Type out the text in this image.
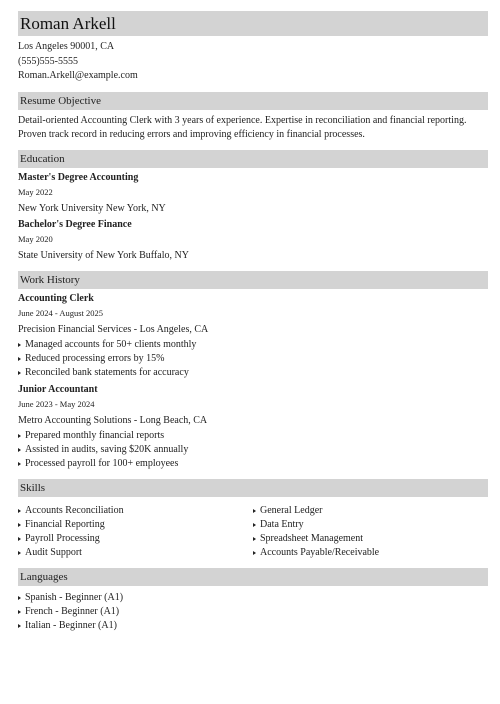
Roman Arkell
Los Angeles 90001, CA
(555)555-5555
Roman.Arkell@example.com
Resume Objective
Detail-oriented Accounting Clerk with 3 years of experience. Expertise in reconciliation and financial reporting. Proven track record in reducing errors and improving efficiency in financial processes.
Education
Master's Degree Accounting
May 2022
New York University New York, NY
Bachelor's Degree Finance
May 2020
State University of New York Buffalo, NY
Work History
Accounting Clerk
June 2024 - August 2025
Precision Financial Services - Los Angeles, CA
Managed accounts for 50+ clients monthly
Reduced processing errors by 15%
Reconciled bank statements for accuracy
Junior Accountant
June 2023 - May 2024
Metro Accounting Solutions - Long Beach, CA
Prepared monthly financial reports
Assisted in audits, saving $20K annually
Processed payroll for 100+ employees
Skills
Accounts Reconciliation
Financial Reporting
Payroll Processing
Audit Support
General Ledger
Data Entry
Spreadsheet Management
Accounts Payable/Receivable
Languages
Spanish - Beginner (A1)
French - Beginner (A1)
Italian - Beginner (A1)
